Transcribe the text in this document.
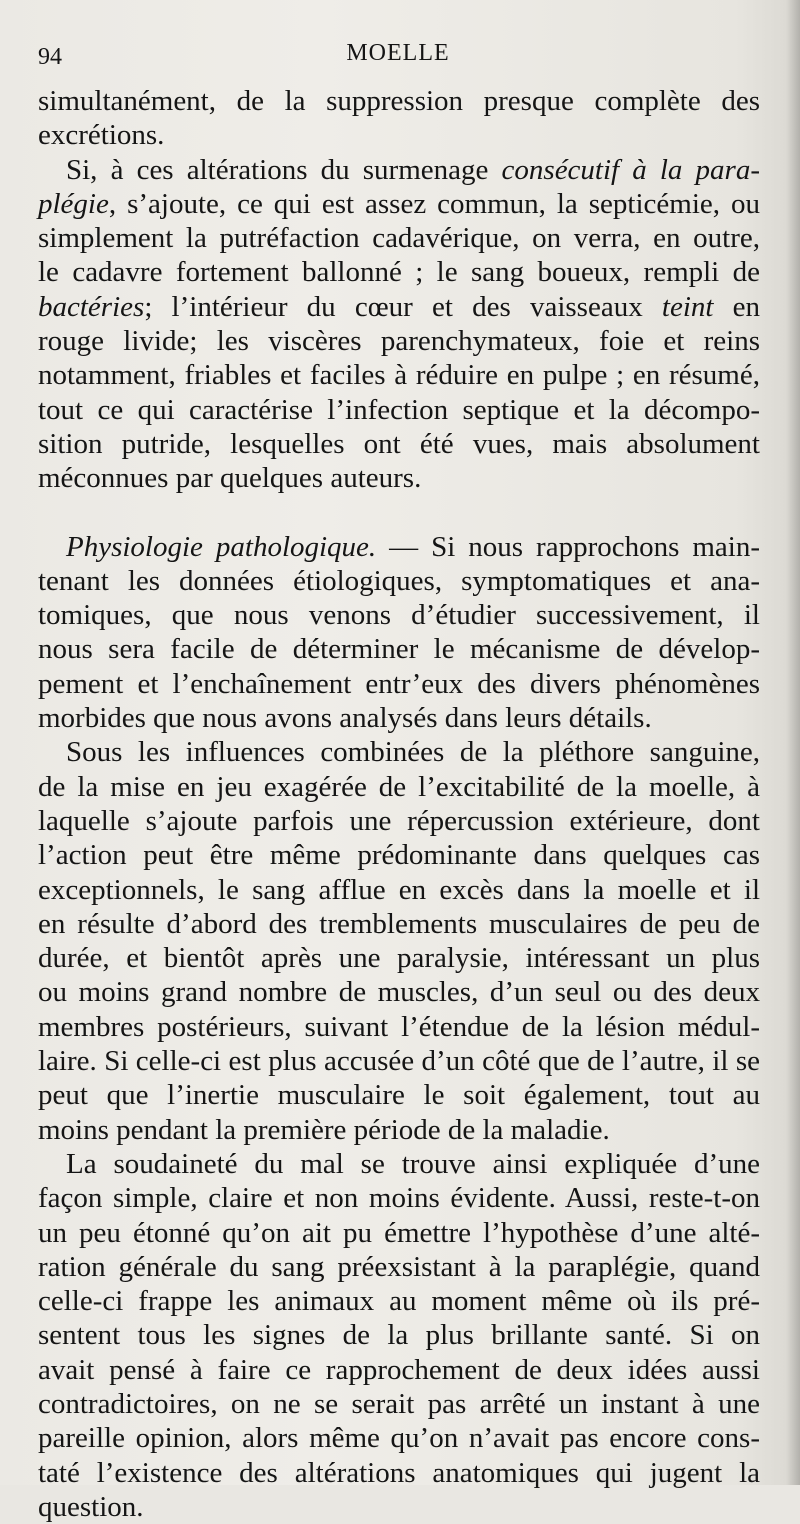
94	MOELLE
simultanément, de la suppression presque complète des
excrétions.
Si, à ces altérations du surmenage consécutif à la para-
plégie, s’ajoute, ce qui est assez commun, la septicémie, ou
simplement la putréfaction cadavérique, on verra, en outre,
le cadavre fortement ballonné ; le sang boueux, rempli de
bactéries; l’intérieur du cœur et des vaisseaux teint en
rouge livide; les viscères parenchymateux, foie et reins
notamment, friables et faciles à réduire en pulpe ; en résumé,
tout ce qui caractérise l’infection septique et la décompo-
sition putride, lesquelles ont été vues, mais absolument
méconnues par quelques auteurs.
Physiologie pathologique. — Si nous rapprochons main-
tenant les données étiologiques, symptomatiques et ana-
tomiques, que nous venons d’étudier successivement, il
nous sera facile de déterminer le mécanisme de dévelop-
pement et l’enchaînement entr’eux des divers phénomènes
morbides que nous avons analysés dans leurs détails.
Sous les influences combinées de la pléthore sanguine,
de la mise en jeu exagérée de l’excitabilité de la moelle, à
laquelle s’ajoute parfois une répercussion extérieure, dont
l’action peut être même prédominante dans quelques cas
exceptionnels, le sang afflue en excès dans la moelle et il
en résulte d’abord des tremblements musculaires de peu de
durée, et bientôt après une paralysie, intéressant un plus
ou moins grand nombre de muscles, d’un seul ou des deux
membres postérieurs, suivant l’étendue de la lésion médul-
laire. Si celle-ci est plus accusée d’un côté que de l’autre, il se
peut que l’inertie musculaire le soit également, tout au
moins pendant la première période de la maladie.
La soudaineté du mal se trouve ainsi expliquée d’une
façon simple, claire et non moins évidente. Aussi, reste-t-on
un peu étonné qu’on ait pu émettre l’hypothèse d’une alté-
ration générale du sang préexsistant à la paraplégie, quand
celle-ci frappe les animaux au moment même où ils pré-
sentent tous les signes de la plus brillante santé. Si on
avait pensé à faire ce rapprochement de deux idées aussi
contradictoires, on ne se serait pas arrêté un instant à une
pareille opinion, alors même qu’on n’avait pas encore cons-
taté l’existence des altérations anatomiques qui jugent la
question.
